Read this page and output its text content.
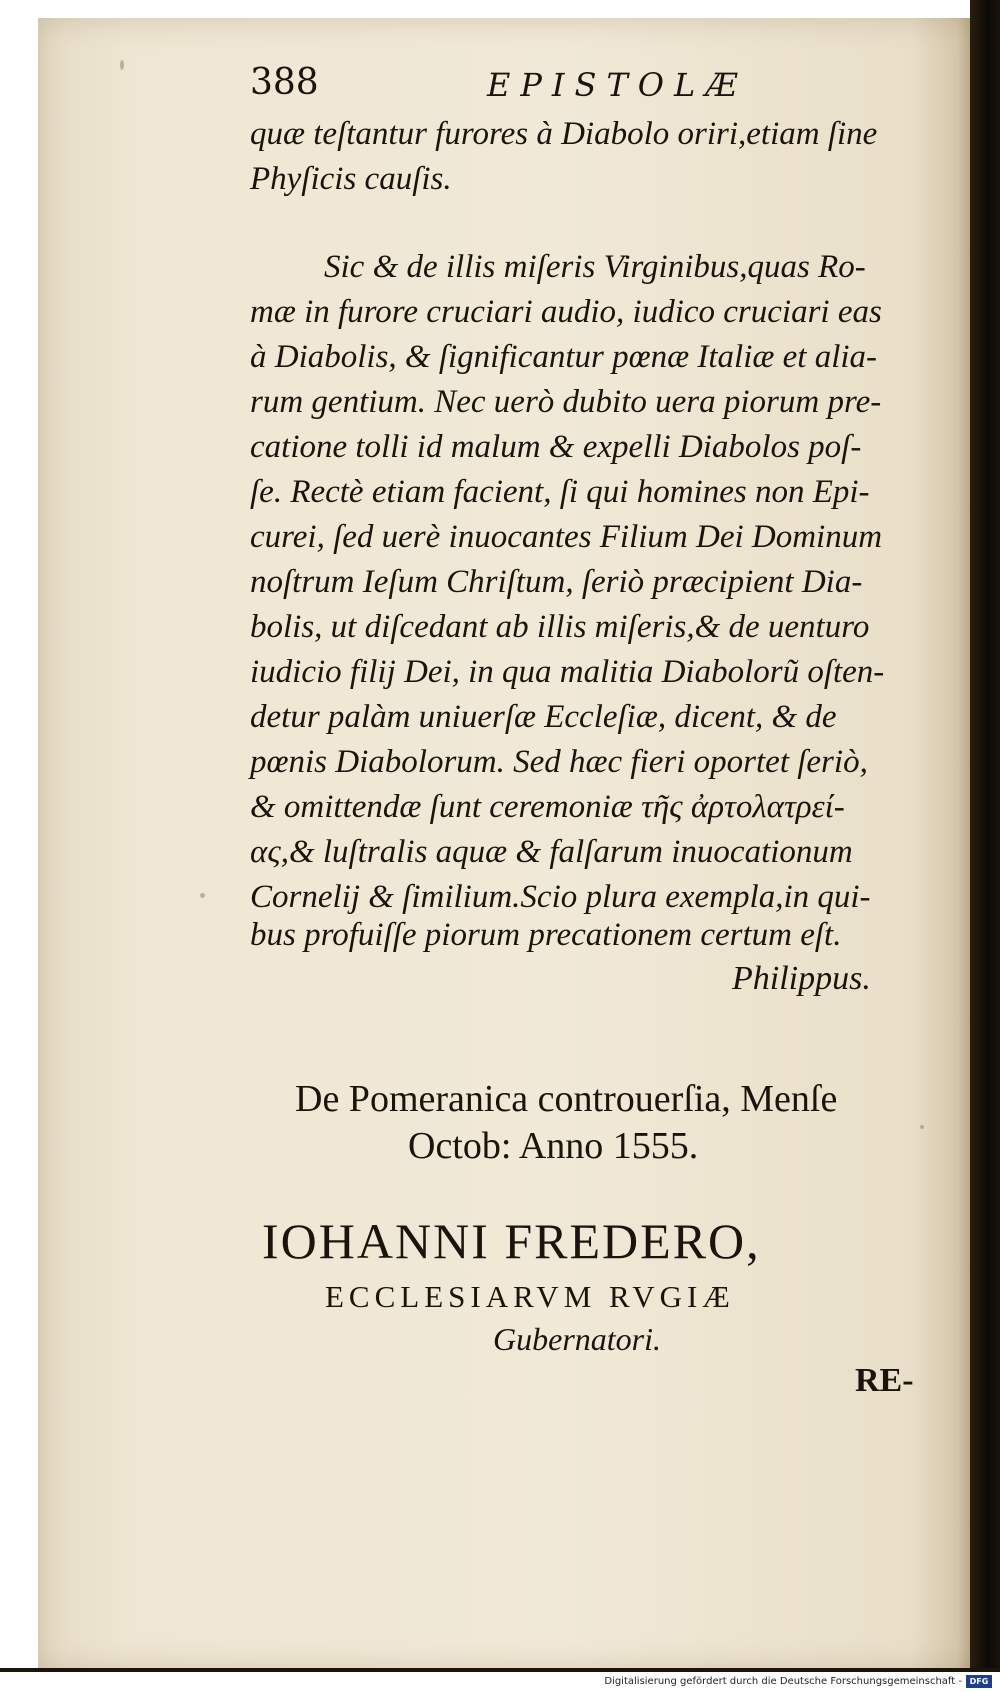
388	EPISTOLÆ
quæ teſtantur furores à Diabolo oriri,etiam ſine
Phyſicis cauſis.
Sic & de illis miſeris Virginibus,quas Ro-
mæ in furore cruciari audio, iudico cruciari eas
à Diabolis, & ſignificantur pœnæ Italiæ et alia-
rum gentium. Nec uerò dubito uera piorum pre-
catione tolli id malum & expelli Diabolos poſ-
ſe. Rectè etiam facient, ſi qui homines non Epi-
curei, ſed uerè inuocantes Filium Dei Dominum
noſtrum Ieſum Chriſtum, ſeriò præcipient Dia-
bolis, ut diſcedant ab illis miſeris,& de uenturo
iudicio filij Dei, in qua malitia Diabolorũ oſten-
detur palàm uniuerſæ Eccleſiæ, dicent, & de
pœnis Diabolorum. Sed hæc fieri oportet ſeriò,
& omittendæ ſunt ceremoniæ τῆς ἀρτολατρεί-
ας,& luſtralis aquæ & falſarum inuocationum
Cornelij & ſimilium.Scio plura exempla,in qui-
bus profuiſſe piorum precationem certum eſt.
Philippus.
De Pomeranica controuerſia, Menſe
Octob: Anno 1555.
IOHANNI FREDERO,
ECCLESIARVM RVGIÆ
Gubernatori.
RE-
Digitalisierung gefördert durch die Deutsche Forschungsgemeinschaft - DFG
